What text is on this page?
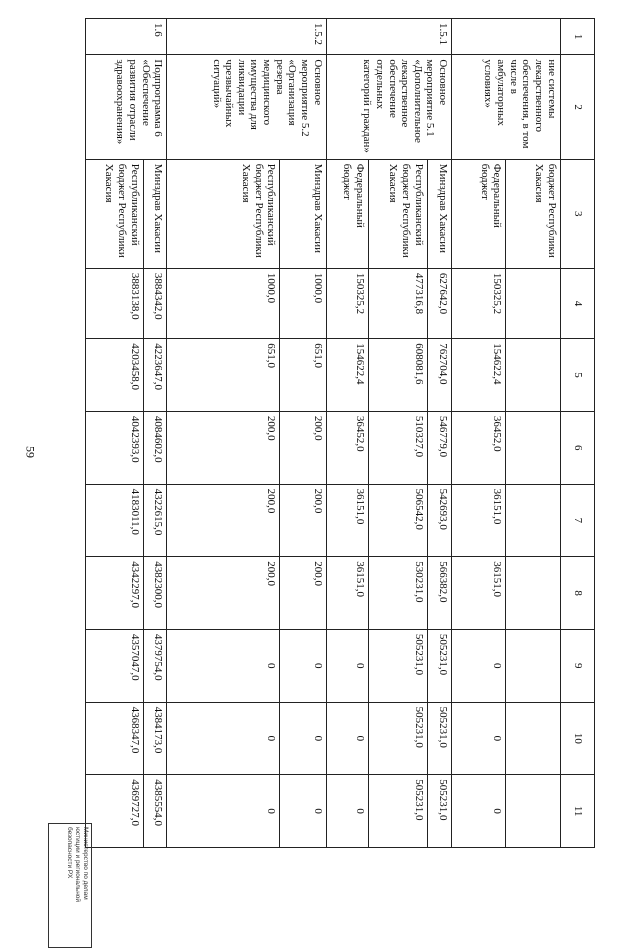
59
1	2	3	4	5	6	7	8	9	10	11
	ние системы лекарственного обеспечения, в том числе в амбулаторных условиях»	бюджет Республики Хакасия								
		Федеральный бюджет	150325,2	154622,4	36452,0	36151,0	36151,0	0	0	0
1.5.1	Основное мероприятие 5.1 «Дополнительное лекарственное обеспечение отдельных категорий граждан»	Минздрав Хакасии	627642,0	762704,0	546779,0	542693,0	566382,0	505231,0	505231,0	505231,0
		Республиканский бюджет Республики Хакасия	477316,8	608081,6	510327,0	506542,0	530231,0	505231,0	505231,0	505231,0
		Федеральный бюджет	150325,2	154622,4	36452,0	36151,0	36151,0	0	0	0
1.5.2	Основное мероприятие 5.2 «Организация резерва медицинского имущества для ликвидации чрезвычайных ситуаций»	Минздрав Хакасии	1000,0	651,0	200,0	200,0	200,0	0	0	0
		Республиканский бюджет Республики Хакасия	1000,0	651,0	200,0	200,0	200,0	0	0	0
1.6	Подпрограмма 6 «Обеспечение развития отрасли здравоохранения»	Минздрав Хакасии	3884342,0	4223647,0	4084602,0	4322615,0	4382300,0	4379754,0	4384173,0	4385554,0
		Республиканский бюджет Республики Хакасия	3883138,0	4203458,0	4042393,0	4183011,0	4342297,0	4357047,0	4368347,0	4369727,0
Министерство по делам
юстиции и региональной
безопасности РХ
